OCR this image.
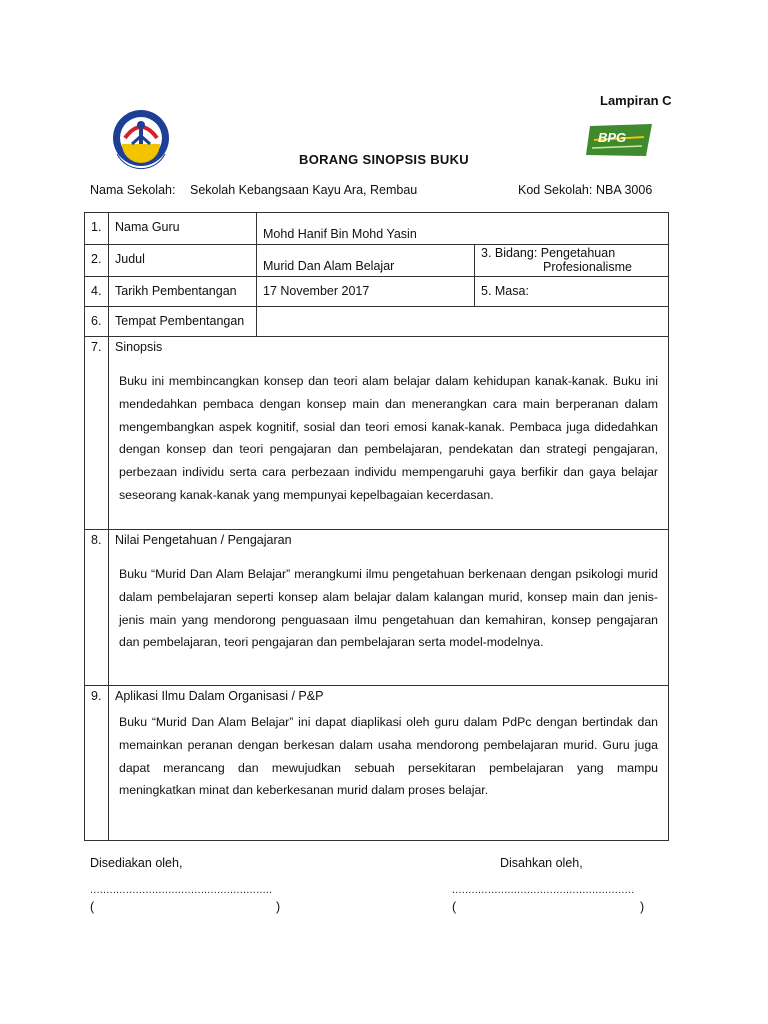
Lampiran C
BPG
BORANG SINOPSIS BUKU
Nama Sekolah: Sekolah Kebangsaan Kayu Ara, Rembau	Kod Sekolah: NBA 3006
1.	Nama Guru	Mohd Hanif Bin Mohd Yasin	
2.	Judul	Murid Dan Alam Belajar	3. Bidang: Pengetahuan
Profesionalisme

4.	Tarikh Pembentangan	17 November 2017	5. Masa:
6.	Tempat Pembentangan		
7.	Sinopsis

Buku ini membincangkan konsep dan teori alam belajar dalam kehidupan kanak-kanak. Buku ini mendedahkan pembaca dengan konsep main dan menerangkan cara main berperanan dalam mengembangkan aspek kognitif, sosial dan teori emosi kanak-kanak. Pembaca juga didedahkan dengan konsep dan teori pengajaran dan pembelajaran, pendekatan dan strategi pengajaran, perbezaan individu serta cara perbezaan individu mempengaruhi gaya berfikir dan gaya belajar seseorang kanak-kanak yang mempunyai kepelbagaian kecerdasan.		

8.	Nilai Pengetahuan / Pengajaran

Buku “Murid Dan Alam Belajar” merangkumi ilmu pengetahuan berkenaan dengan psikologi murid dalam pembelajaran seperti konsep alam belajar dalam kalangan murid, konsep main dan jenis-jenis main yang mendorong penguasaan ilmu pengetahuan dan kemahiran, konsep pengajaran dan pembelajaran, teori pengajaran dan pembelajaran serta model-modelnya.		

9.	Aplikasi Ilmu Dalam Organisasi / P&P

Buku “Murid Dan Alam Belajar” ini dapat diaplikasi oleh guru dalam PdPc dengan bertindak dan memainkan peranan dengan berkesan dalam usaha mendorong pembelajaran murid. Guru juga dapat merancang dan mewujudkan sebuah persekitaran pembelajaran yang mampu meningkatkan minat dan keberkesanan murid dalam proses belajar.		

Disediakan oleh,	Disahkan oleh,
........................................................	........................................................
(	)	(	)
